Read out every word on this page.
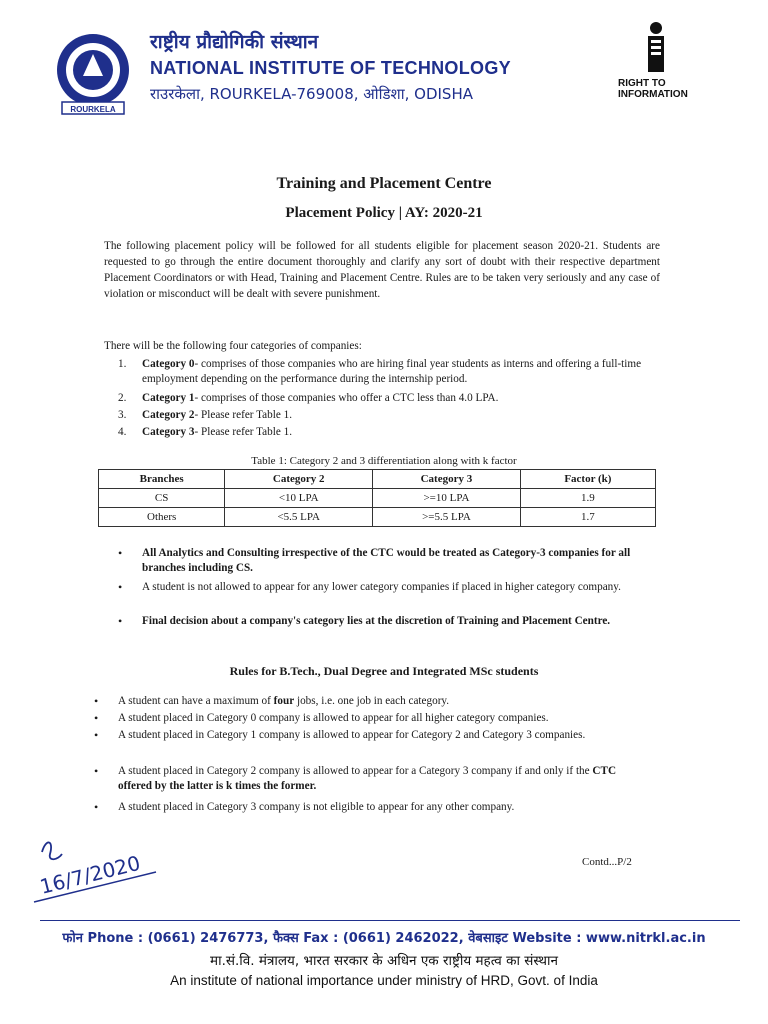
ROURKELA
राष्ट्रीय प्रौद्योगिकी संस्थान
NATIONAL INSTITUTE OF TECHNOLOGY
राउरकेला, ROURKELA-769008, ओडिशा, ODISHA
RIGHT TO
INFORMATION
Training and Placement Centre
Placement Policy | AY: 2020-21
The following placement policy will be followed for all students eligible for placement season 2020-21. Students are requested to go through the entire document thoroughly and clarify any sort of doubt with their respective department Placement Coordinators or with Head, Training and Placement Centre. Rules are to be taken very seriously and any case of violation or misconduct will be dealt with severe punishment.
There will be the following four categories of companies:
1. Category 0- comprises of those companies who are hiring final year students as interns and offering a full-time employment depending on the performance during the internship period.
2. Category 1- comprises of those companies who offer a CTC less than 4.0 LPA.
3. Category 2- Please refer Table 1.
4. Category 3- Please refer Table 1.
Table 1: Category 2 and 3 differentiation along with k factor
Branches	Category 2	Category 3	Factor (k)
CS	<10 LPA	>=10 LPA	1.9
Others	<5.5 LPA	>=5.5 LPA	1.7
• All Analytics and Consulting irrespective of the CTC would be treated as Category-3 companies for all branches including CS.
• A student is not allowed to appear for any lower category companies if placed in higher category company.
• Final decision about a company's category lies at the discretion of Training and Placement Centre.
Rules for B.Tech., Dual Degree and Integrated MSc students
• A student can have a maximum of four jobs, i.e. one job in each category.
• A student placed in Category 0 company is allowed to appear for all higher category companies.
• A student placed in Category 1 company is allowed to appear for Category 2 and Category 3 companies.
• A student placed in Category 2 company is allowed to appear for a Category 3 company if and only if the CTC offered by the latter is k times the former.
• A student placed in Category 3 company is not eligible to appear for any other company.
16/7/2020	Contd...P/2
फोन Phone : (0661) 2476773, फैक्स Fax : (0661) 2462022, वेबसाइट Website : www.nitrkl.ac.in
मा.सं.वि. मंत्रालय, भारत सरकार के अधिन एक राष्ट्रीय महत्व का संस्थान
An institute of national importance under ministry of HRD, Govt. of India
